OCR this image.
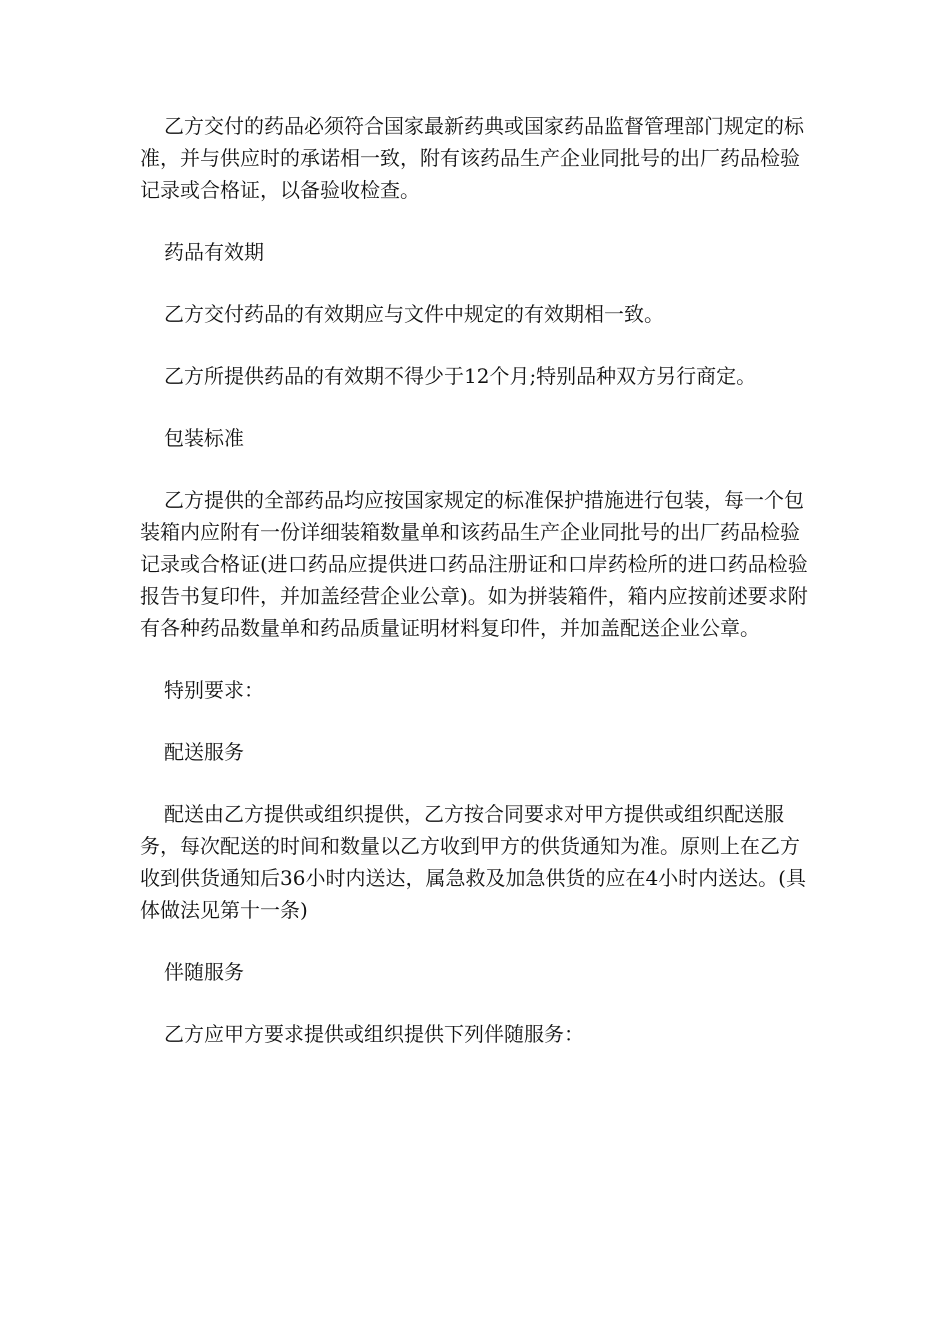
乙方交付的药品必须符合国家最新药典或国家药品监督管理部门规定的标准，并与供应时的承诺相一致，附有该药品生产企业同批号的出厂药品检验记录或合格证，以备验收检查。

药品有效期

乙方交付药品的有效期应与文件中规定的有效期相一致。

乙方所提供药品的有效期不得少于12个月;特别品种双方另行商定。

包装标准

乙方提供的全部药品均应按国家规定的标准保护措施进行包装，每一个包装箱内应附有一份详细装箱数量单和该药品生产企业同批号的出厂药品检验记录或合格证(进口药品应提供进口药品注册证和口岸药检所的进口药品检验报告书复印件，并加盖经营企业公章)。如为拼装箱件，箱内应按前述要求附有各种药品数量单和药品质量证明材料复印件，并加盖配送企业公章。

特别要求：

配送服务

配送由乙方提供或组织提供，乙方按合同要求对甲方提供或组织配送服务，每次配送的时间和数量以乙方收到甲方的供货通知为准。原则上在乙方收到供货通知后36小时内送达，属急救及加急供货的应在4小时内送达。(具体做法见第十一条)

伴随服务

乙方应甲方要求提供或组织提供下列伴随服务：
